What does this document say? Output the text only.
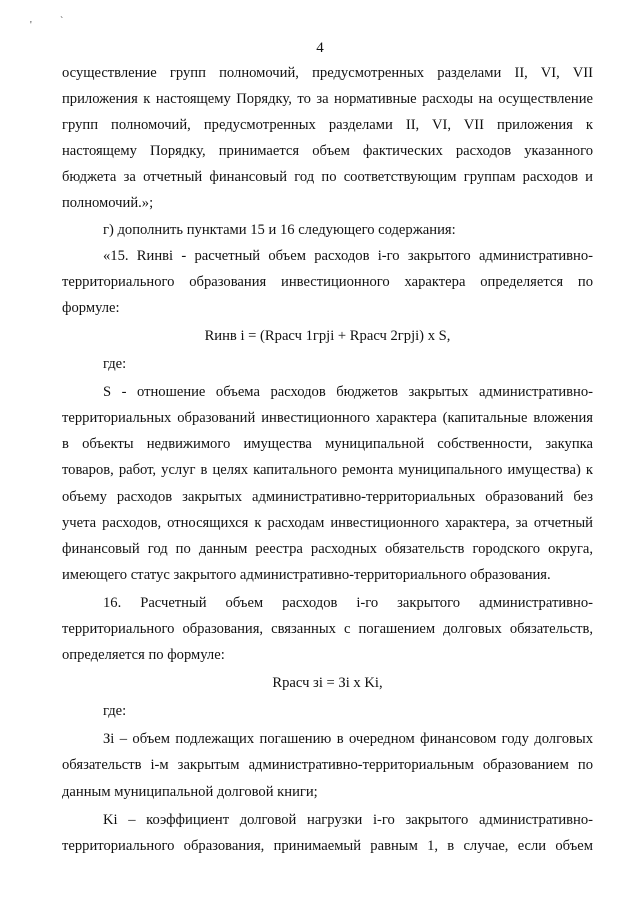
'	`
4
осуществление групп полномочий, предусмотренных разделами II, VI, VII
приложения к настоящему Порядку, то за нормативные расходы на осуществление
групп полномочий, предусмотренных разделами II, VI, VII приложения к
настоящему Порядку, принимается объем фактических расходов указанного
бюджета за отчетный финансовый год по соответствующим группам расходов и
полномочий.»;
г) дополнить пунктами 15 и 16 следующего содержания:
«15. Rинвi - расчетный объем расходов i-го закрытого административно-
территориального образования инвестиционного характера определяется по
формуле:
Rинв i = (Rрасч 1грji + Rрасч 2грji) x S,
где:
S - отношение объема расходов бюджетов закрытых административно-
территориальных образований инвестиционного характера (капитальные вложения
в объекты недвижимого имущества муниципальной собственности, закупка
товаров, работ, услуг в целях капитального ремонта муниципального имущества) к
объему расходов закрытых административно-территориальных образований без
учета расходов, относящихся к расходам инвестиционного характера, за отчетный
финансовый год по данным реестра расходных обязательств городского округа,
имеющего статус закрытого административно-территориального образования.
16. Расчетный объем расходов i-го закрытого административно-
территориального образования, связанных с погашением долговых обязательств,
определяется по формуле:
Rрасч зi = Зi x Ki,
где:
Зi – объем подлежащих погашению в очередном финансовом году долговых
обязательств i-м закрытым административно-территориальным образованием по
данным муниципальной долговой книги;
Ki – коэффициент долговой нагрузки i-го закрытого административно-
территориального образования, принимаемый равным 1, в случае, если объем
